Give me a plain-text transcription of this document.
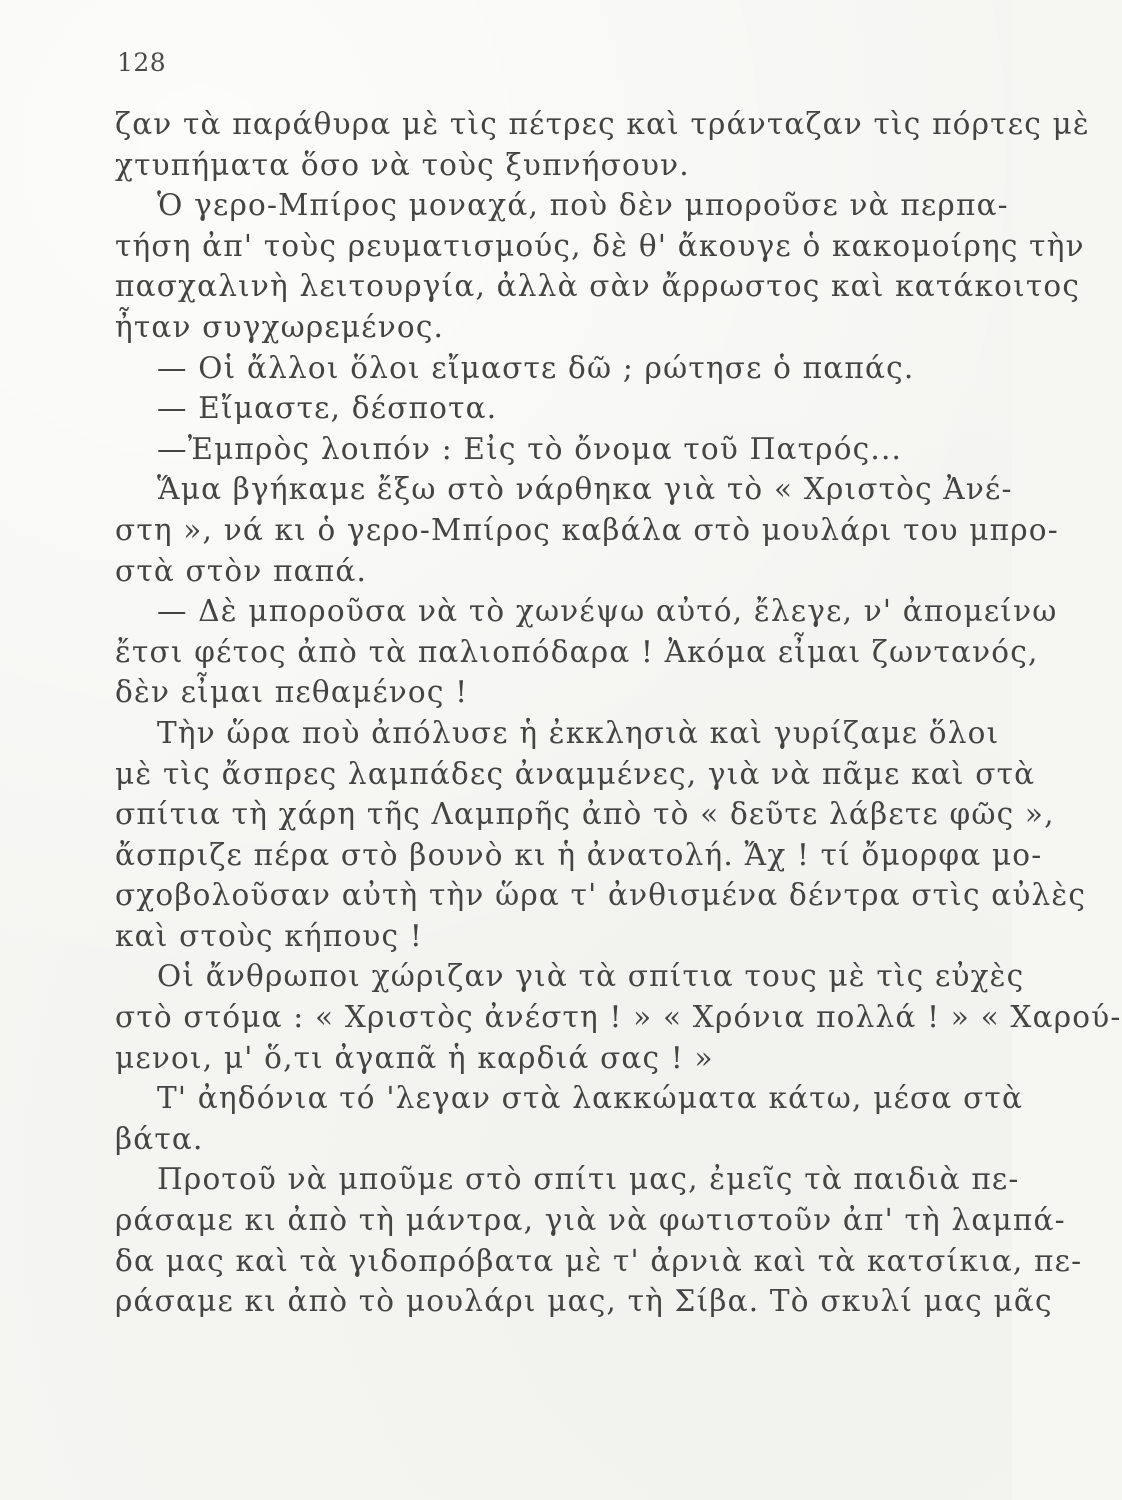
128
ζαν τὰ παράθυρα μὲ τὶς πέτρες καὶ τράνταζαν τὶς πόρτες μὲ
χτυπήματα ὅσο νὰ τοὺς ξυπνήσουν.
Ὁ γερο-Μπίρος μοναχά, ποὺ δὲν μποροῦσε νὰ περπα-
τήση ἀπ' τοὺς ρευματισμούς, δὲ θ' ἄκουγε ὁ κακομοίρης τὴν
πασχαλινὴ λειτουργία, ἀλλὰ σὰν ἄρρωστος καὶ κατάκοιτος
ἦταν συγχωρεμένος.
— Οἱ ἄλλοι ὅλοι εἴμαστε δῶ ; ρώτησε ὁ παπάς.
— Εἴμαστε, δέσποτα.
—Ἐμπρὸς λοιπόν : Εἰς τὸ ὄνομα τοῦ Πατρός...
Ἅμα βγήκαμε ἔξω στὸ νάρθηκα γιὰ τὸ « Χριστὸς Ἀνέ-
στη », νά κι ὁ γερο-Μπίρος καβάλα στὸ μουλάρι του μπρο-
στὰ στὸν παπά.
— Δὲ μποροῦσα νὰ τὸ χωνέψω αὐτό, ἔλεγε, ν' ἀπομείνω
ἔτσι φέτος ἀπὸ τὰ παλιοπόδαρα ! Ἀκόμα εἶμαι ζωντανός,
δὲν εἶμαι πεθαμένος !
Τὴν ὥρα ποὺ ἀπόλυσε ἡ ἐκκλησιὰ καὶ γυρίζαμε ὅλοι
μὲ τὶς ἄσπρες λαμπάδες ἀναμμένες, γιὰ νὰ πᾶμε καὶ στὰ
σπίτια τὴ χάρη τῆς Λαμπρῆς ἀπὸ τὸ « δεῦτε λάβετε φῶς »,
ἄσπριζε πέρα στὸ βουνὸ κι ἡ ἀνατολή. Ἄχ ! τί ὄμορφα μο-
σχοβολοῦσαν αὐτὴ τὴν ὥρα τ' ἀνθισμένα δέντρα στὶς αὐλὲς
καὶ στοὺς κήπους !
Οἱ ἄνθρωποι χώριζαν γιὰ τὰ σπίτια τους μὲ τὶς εὐχὲς
στὸ στόμα : « Χριστὸς ἀνέστη ! » « Χρόνια πολλά ! » « Χαρού-
μενοι, μ' ὅ,τι ἀγαπᾶ ἡ καρδιά σας ! »
Τ' ἀηδόνια τό 'λεγαν στὰ λακκώματα κάτω, μέσα στὰ
βάτα.
Προτοῦ νὰ μποῦμε στὸ σπίτι μας, ἐμεῖς τὰ παιδιὰ πε-
ράσαμε κι ἀπὸ τὴ μάντρα, γιὰ νὰ φωτιστοῦν ἀπ' τὴ λαμπά-
δα μας καὶ τὰ γιδοπρόβατα μὲ τ' ἀρνιὰ καὶ τὰ κατσίκια, πε-
ράσαμε κι ἀπὸ τὸ μουλάρι μας, τὴ Σίβα. Τὸ σκυλί μας μᾶς
